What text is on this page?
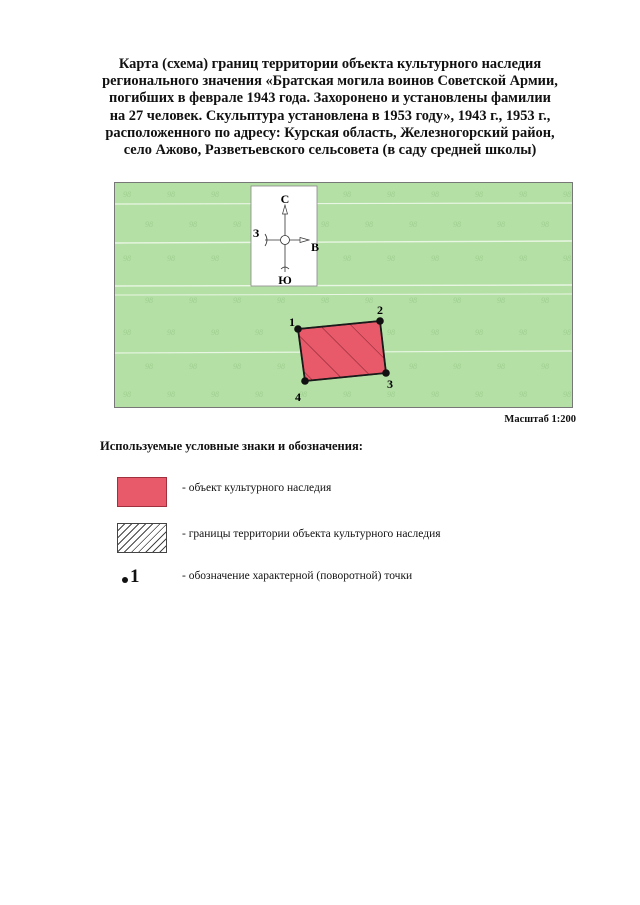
Карта (схема) границ территории объекта культурного наследия
регионального значения «Братская могила воинов Советской Армии,
погибших в феврале 1943 года. Захоронено и установлены фамилии
на 27 человек. Скульптура установлена в 1953 году», 1943 г., 1953 г.,
расположенного по адресу: Курская область, Железногорский район,
село Ажово, Разветьевского сельсовета (в саду средней школы)
98	98	98	98	98	98	98	98	98
98	98	98	98	98	98	98	98	98
98	98	98	98	98	98	98	98	98
98	98	98	98	98	98	98	98	98	98
98	98	98	98	98	98	98	98	98
98	98	98	98	98	98	98	98
98	98	98	98	98	98	98	98	98	98	98
С
Ю
З
В
1
2
3
4
Масштаб 1:200
Используемые условные знаки и обозначения:
- объект культурного наследия
- границы территории объекта культурного наследия
1	- обозначение характерной (поворотной) точки
